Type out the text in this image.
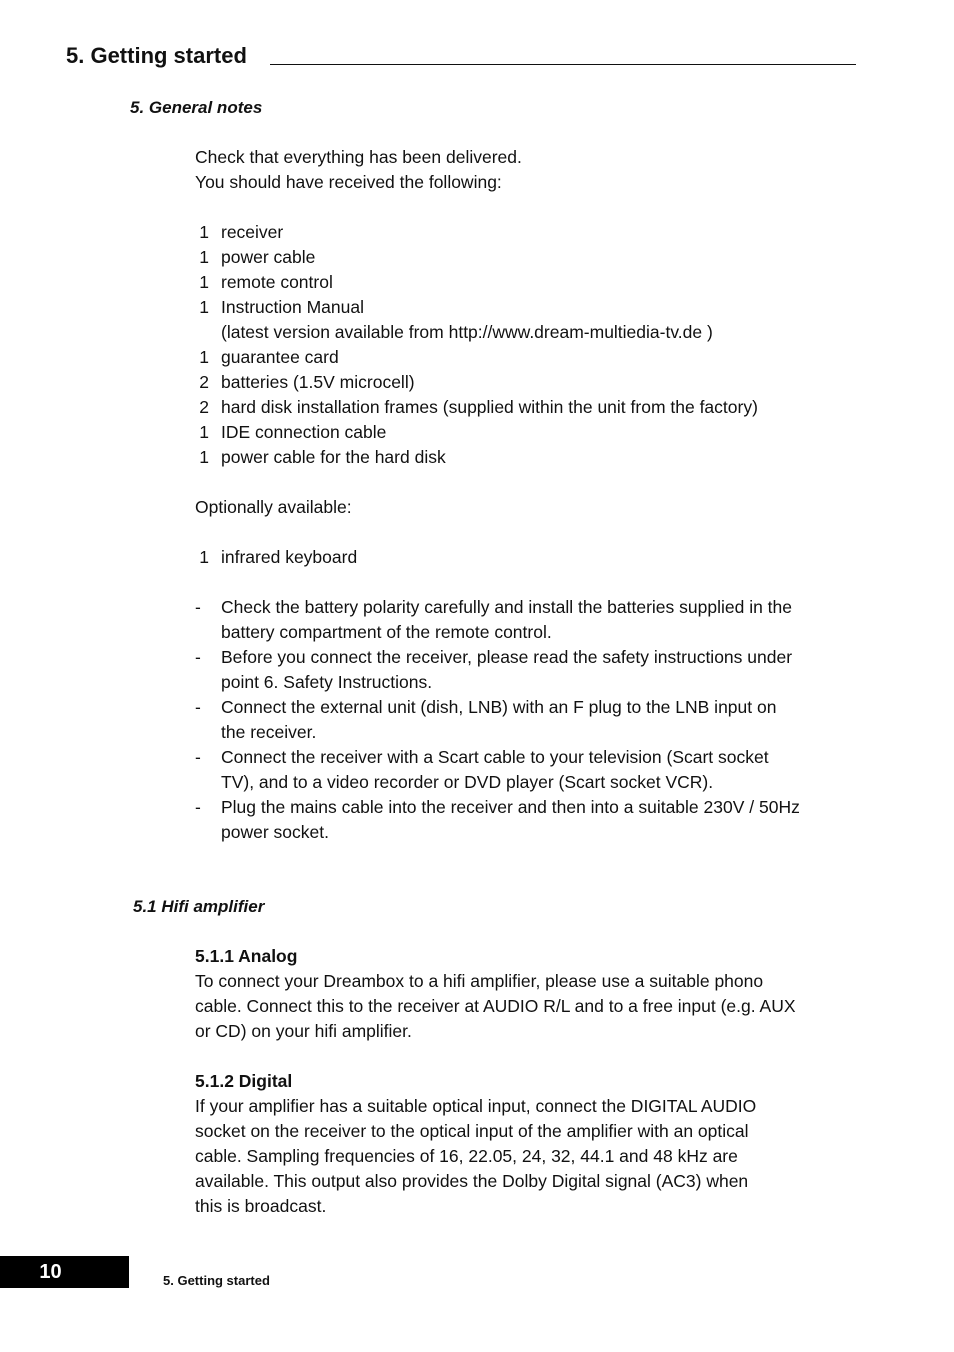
5. Getting started
5. General notes
Check that everything has been delivered.
You should have received the following:
1 receiver
1 power cable
1 remote control
1 Instruction Manual
(latest version available from http://www.dream-multiedia-tv.de )
1 guarantee card
2 batteries (1.5V microcell)
2 hard disk installation frames (supplied within the unit from the factory)
1 IDE connection cable
1 power cable for the hard disk
Optionally available:
1 infrared keyboard
- Check the battery polarity carefully and install the batteries supplied in the
battery compartment of the remote control.
- Before you connect the receiver, please read the safety instructions under
point 6. Safety Instructions.
- Connect the external unit (dish, LNB) with an F plug to the LNB input on
the receiver.
- Connect the receiver with a Scart cable to your television (Scart socket
TV), and to a video recorder or DVD player (Scart socket VCR).
- Plug the mains cable into the receiver and then into a suitable 230V / 50Hz
power socket.
5.1 Hifi amplifier
5.1.1 Analog
To connect your Dreambox to a hifi amplifier, please use a suitable phono
cable. Connect this to the receiver at AUDIO R/L and to a free input (e.g. AUX
or CD) on your hifi amplifier.
5.1.2 Digital
If your amplifier has a suitable optical input, connect the DIGITAL AUDIO
socket on the receiver to the optical input of the amplifier with an optical
cable. Sampling frequencies of 16, 22.05, 24, 32, 44.1 and 48 kHz are
available. This output also provides the Dolby Digital signal (AC3) when
this is broadcast.
10	5. Getting started
